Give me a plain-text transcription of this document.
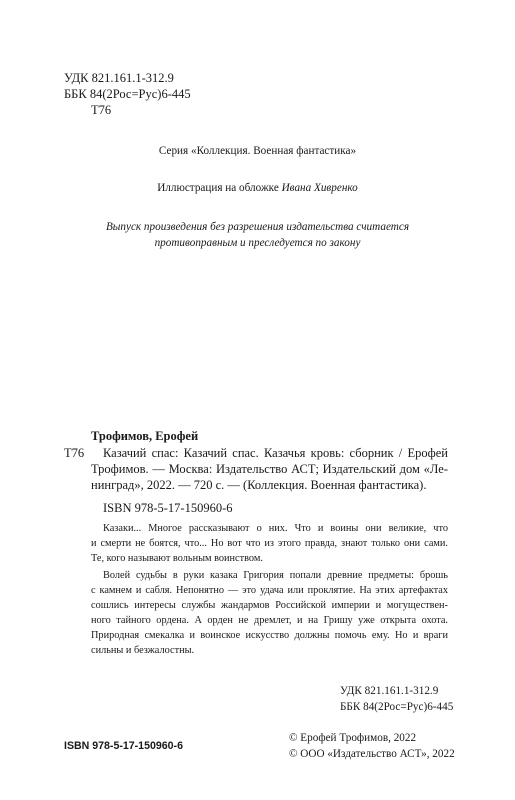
УДК 821.161.1-312.9
ББК 84(2Рос=Рус)6-445
Т76
Серия «Коллекция. Военная фантастика»
Иллюстрация на обложке Ивана Хивренко
Выпуск произведения без разрешения издательства считается
противоправным и преследуется по закону
Трофимов, Ерофей
Т76 Казачий спас: Казачий спас. Казачья кровь: сборник / Ерофей
Трофимов. — Москва: Издательство АСТ; Издательский дом «Ле-
нинград», 2022. — 720 с. — (Коллекция. Военная фантастика).
ISBN 978-5-17-150960-6
Казаки... Многое рассказывают о них. Что и воины они великие, что
и смерти не боятся, что... Но вот что из этого правда, знают только они сами.
Те, кого называют вольным воинством.
Волей судьбы в руки казака Григория попали древние предметы: брошь
с камнем и сабля. Непонятно — это удача или проклятие. На этих артефактах
сошлись интересы службы жандармов Российской империи и могуществен-
ного тайного ордена. А орден не дремлет, и на Гришу уже открыта охота.
Природная смекалка и воинское искусство должны помочь ему. Но и враги
сильны и безжалостны.
УДК 821.161.1-312.9
ББК 84(2Рос=Рус)6-445
ISBN 978-5-17-150960-6
© Ерофей Трофимов, 2022
© ООО «Издательство АСТ», 2022
